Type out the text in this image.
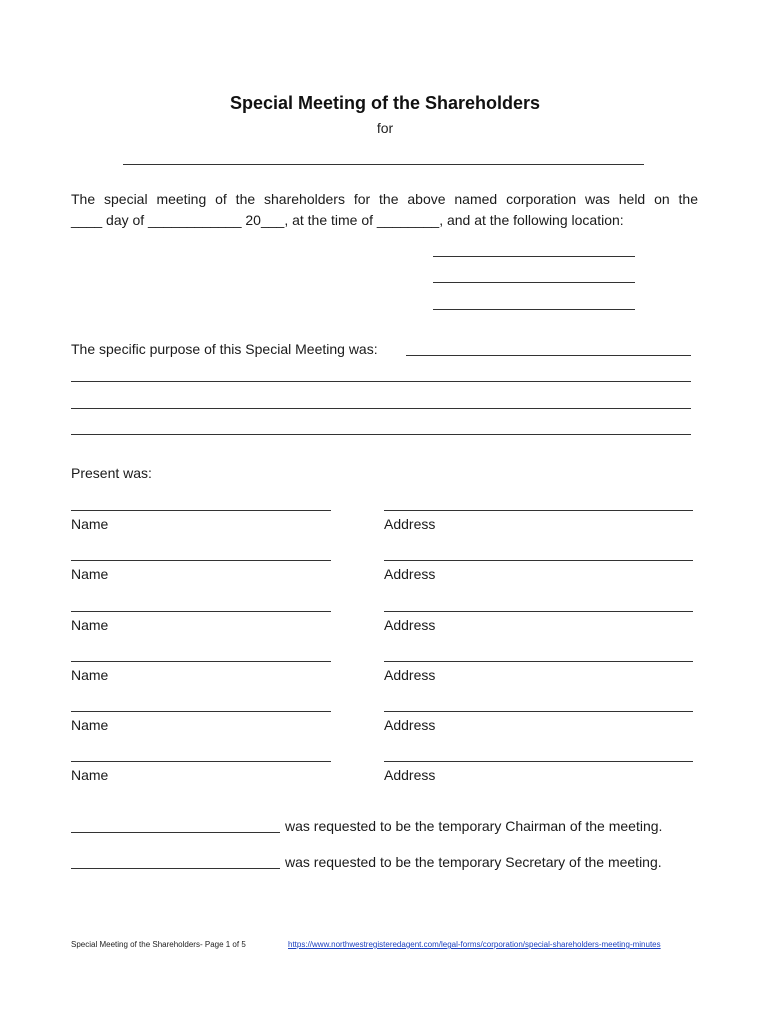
Special Meeting of the Shareholders
for
The special meeting of the shareholders for the above named corporation was held on the
____ day of ____________ 20___, at the time of ________, and at the following location:
The specific purpose of this Special Meeting was:
Present was:
Name	Address
Name	Address
Name	Address
Name	Address
Name	Address
Name	Address
was requested to be the temporary Chairman of the meeting.
was requested to be the temporary Secretary of the meeting.
Special Meeting of the Shareholders- Page 1 of 5	https://www.northwestregisteredagent.com/legal-forms/corporation/special-shareholders-meeting-minutes
